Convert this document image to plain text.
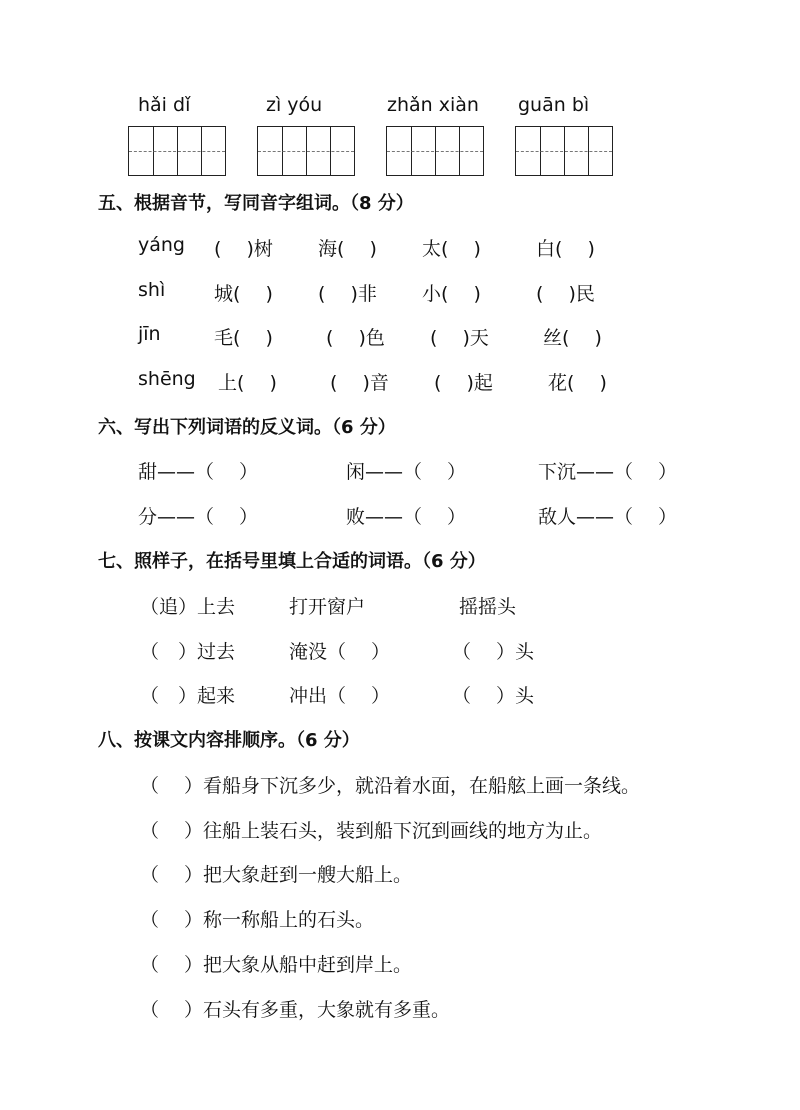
hǎi dǐ	zì yóu	zhǎn xiàn guān bì
五、根据音节，写同音字组词。（8 分）
yáng (　 )树 海(　 ) 太(　 )	白(　 )
shì	城(　 ) (　 )非 小(　 )	(　 )民
jīn	毛(　 )	(　 )色 (　 )天	丝(　 )
shēng 上(　 )	(　 )音 (　 )起	花(　 )
六、写出下列词语的反义词。（6 分）
甜——（　 ）	闲——（　 ）	下沉——（　 ）
分——（　 ）	败——（　 ）	敌人——（　 ）
七、照样子，在括号里填上合适的词语。（6 分）
（追）上去	打开窗户	摇摇头
（　）过去	淹没（　 ）	（　 ）头
（　）起来	冲出（　 ）	（　 ）头
八、按课文内容排顺序。（6 分）
（　 ）看船身下沉多少，就沿着水面，在船舷上画一条线。
（　 ）往船上装石头，装到船下沉到画线的地方为止。
（　 ）把大象赶到一艘大船上。
（　 ）称一称船上的石头。
（　 ）把大象从船中赶到岸上。
（　 ）石头有多重，大象就有多重。
